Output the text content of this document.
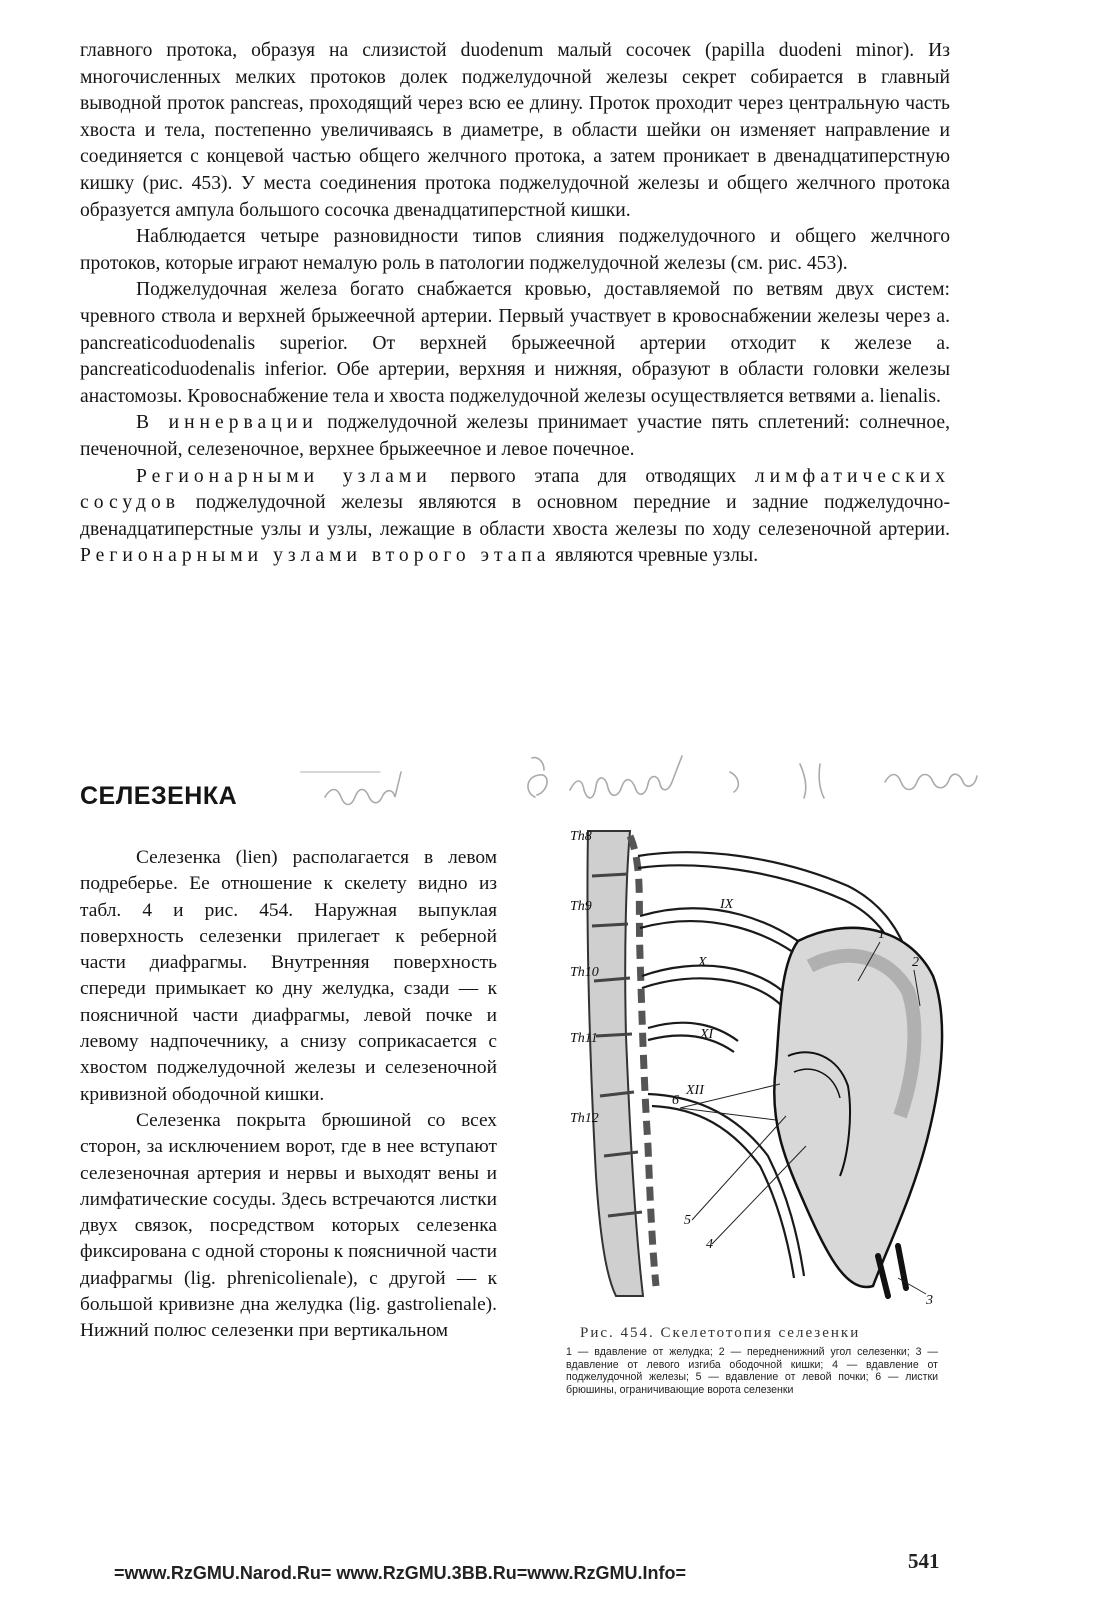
главного протока, образуя на слизистой duodenum малый сосочек (papilla duodeni minor). Из многочисленных мелких протоков долек поджелудочной железы секрет собирается в главный выводной проток pancreas, проходящий через всю ее длину. Проток проходит через центральную часть хвоста и тела, постепенно увеличиваясь в диаметре, в области шейки он изменяет направление и соединяется с концевой частью общего желчного протока, а затем проникает в двенадцатиперстную кишку (рис. 453). У места соединения протока поджелудочной железы и общего желчного протока образуется ампула большого сосочка двенадцатиперстной кишки.

Наблюдается четыре разновидности типов слияния поджелудочного и общего желчного протоков, которые играют немалую роль в патологии поджелудочной железы (см. рис. 453).

Поджелудочная железа богато снабжается кровью, доставляемой по ветвям двух систем: чревного ствола и верхней брыжеечной артерии. Первый участвует в кровоснабжении железы через a. pancreaticoduodenalis superior. От верхней брыжеечной артерии отходит к железе a. pancreaticoduodenalis inferior. Обе артерии, верхняя и нижняя, образуют в области головки железы анастомозы. Кровоснабжение тела и хвоста поджелудочной железы осуществляется ветвями a. lienalis.

В иннервации поджелудочной железы принимает участие пять сплетений: солнечное, печеночной, селезеночное, верхнее брыжеечное и левое почечное.

Регионарными узлами первого этапа для отводящих лимфатических сосудов поджелудочной железы являются в основном передние и задние поджелудочно-двенадцатиперстные узлы и узлы, лежащие в области хвоста железы по ходу селезеночной артерии. Регионарными узлами второго этапа являются чревные узлы.

СЕЛЕЗЕНКА

Селезенка (lien) располагается в левом подреберье. Ее отношение к скелету видно из табл. 4 и рис. 454. Наружная выпуклая поверхность селезенки прилегает к реберной части диафрагмы. Внутренняя поверхность спереди примыкает ко дну желудка, сзади — к поясничной части диафрагмы, левой почке и левому надпочечнику, а снизу соприкасается с хвостом поджелудочной железы и селезеночной кривизной ободочной кишки.

Селезенка покрыта брюшиной со всех сторон, за исключением ворот, где в нее вступают селезеночная артерия и нервы и выходят вены и лимфатические сосуды. Здесь встречаются листки двух связок, посредством которых селезенка фиксирована с одной стороны к поясничной части диафрагмы (lig. phrenicolienale), с другой — к большой кривизне дна желудка (lig. gastrolienale). Нижний полюс селезенки при вертикальном

Th8
Th9
Th10
Th11
Th12
IX
X
XI
XII
1
2
3
4
5
6

Рис. 454. Скелетотопия селезенки

1 — вдавление от желудка; 2 — передненижний угол селезенки; 3 — вдавление от левого изгиба ободочной кишки; 4 — вдавление от поджелудочной железы; 5 — вдавление от левой почки; 6 — листки брюшины, ограничивающие ворота селезенки

=www.RzGMU.Narod.Ru= www.RzGMU.3BB.Ru=www.RzGMU.Info=	541
